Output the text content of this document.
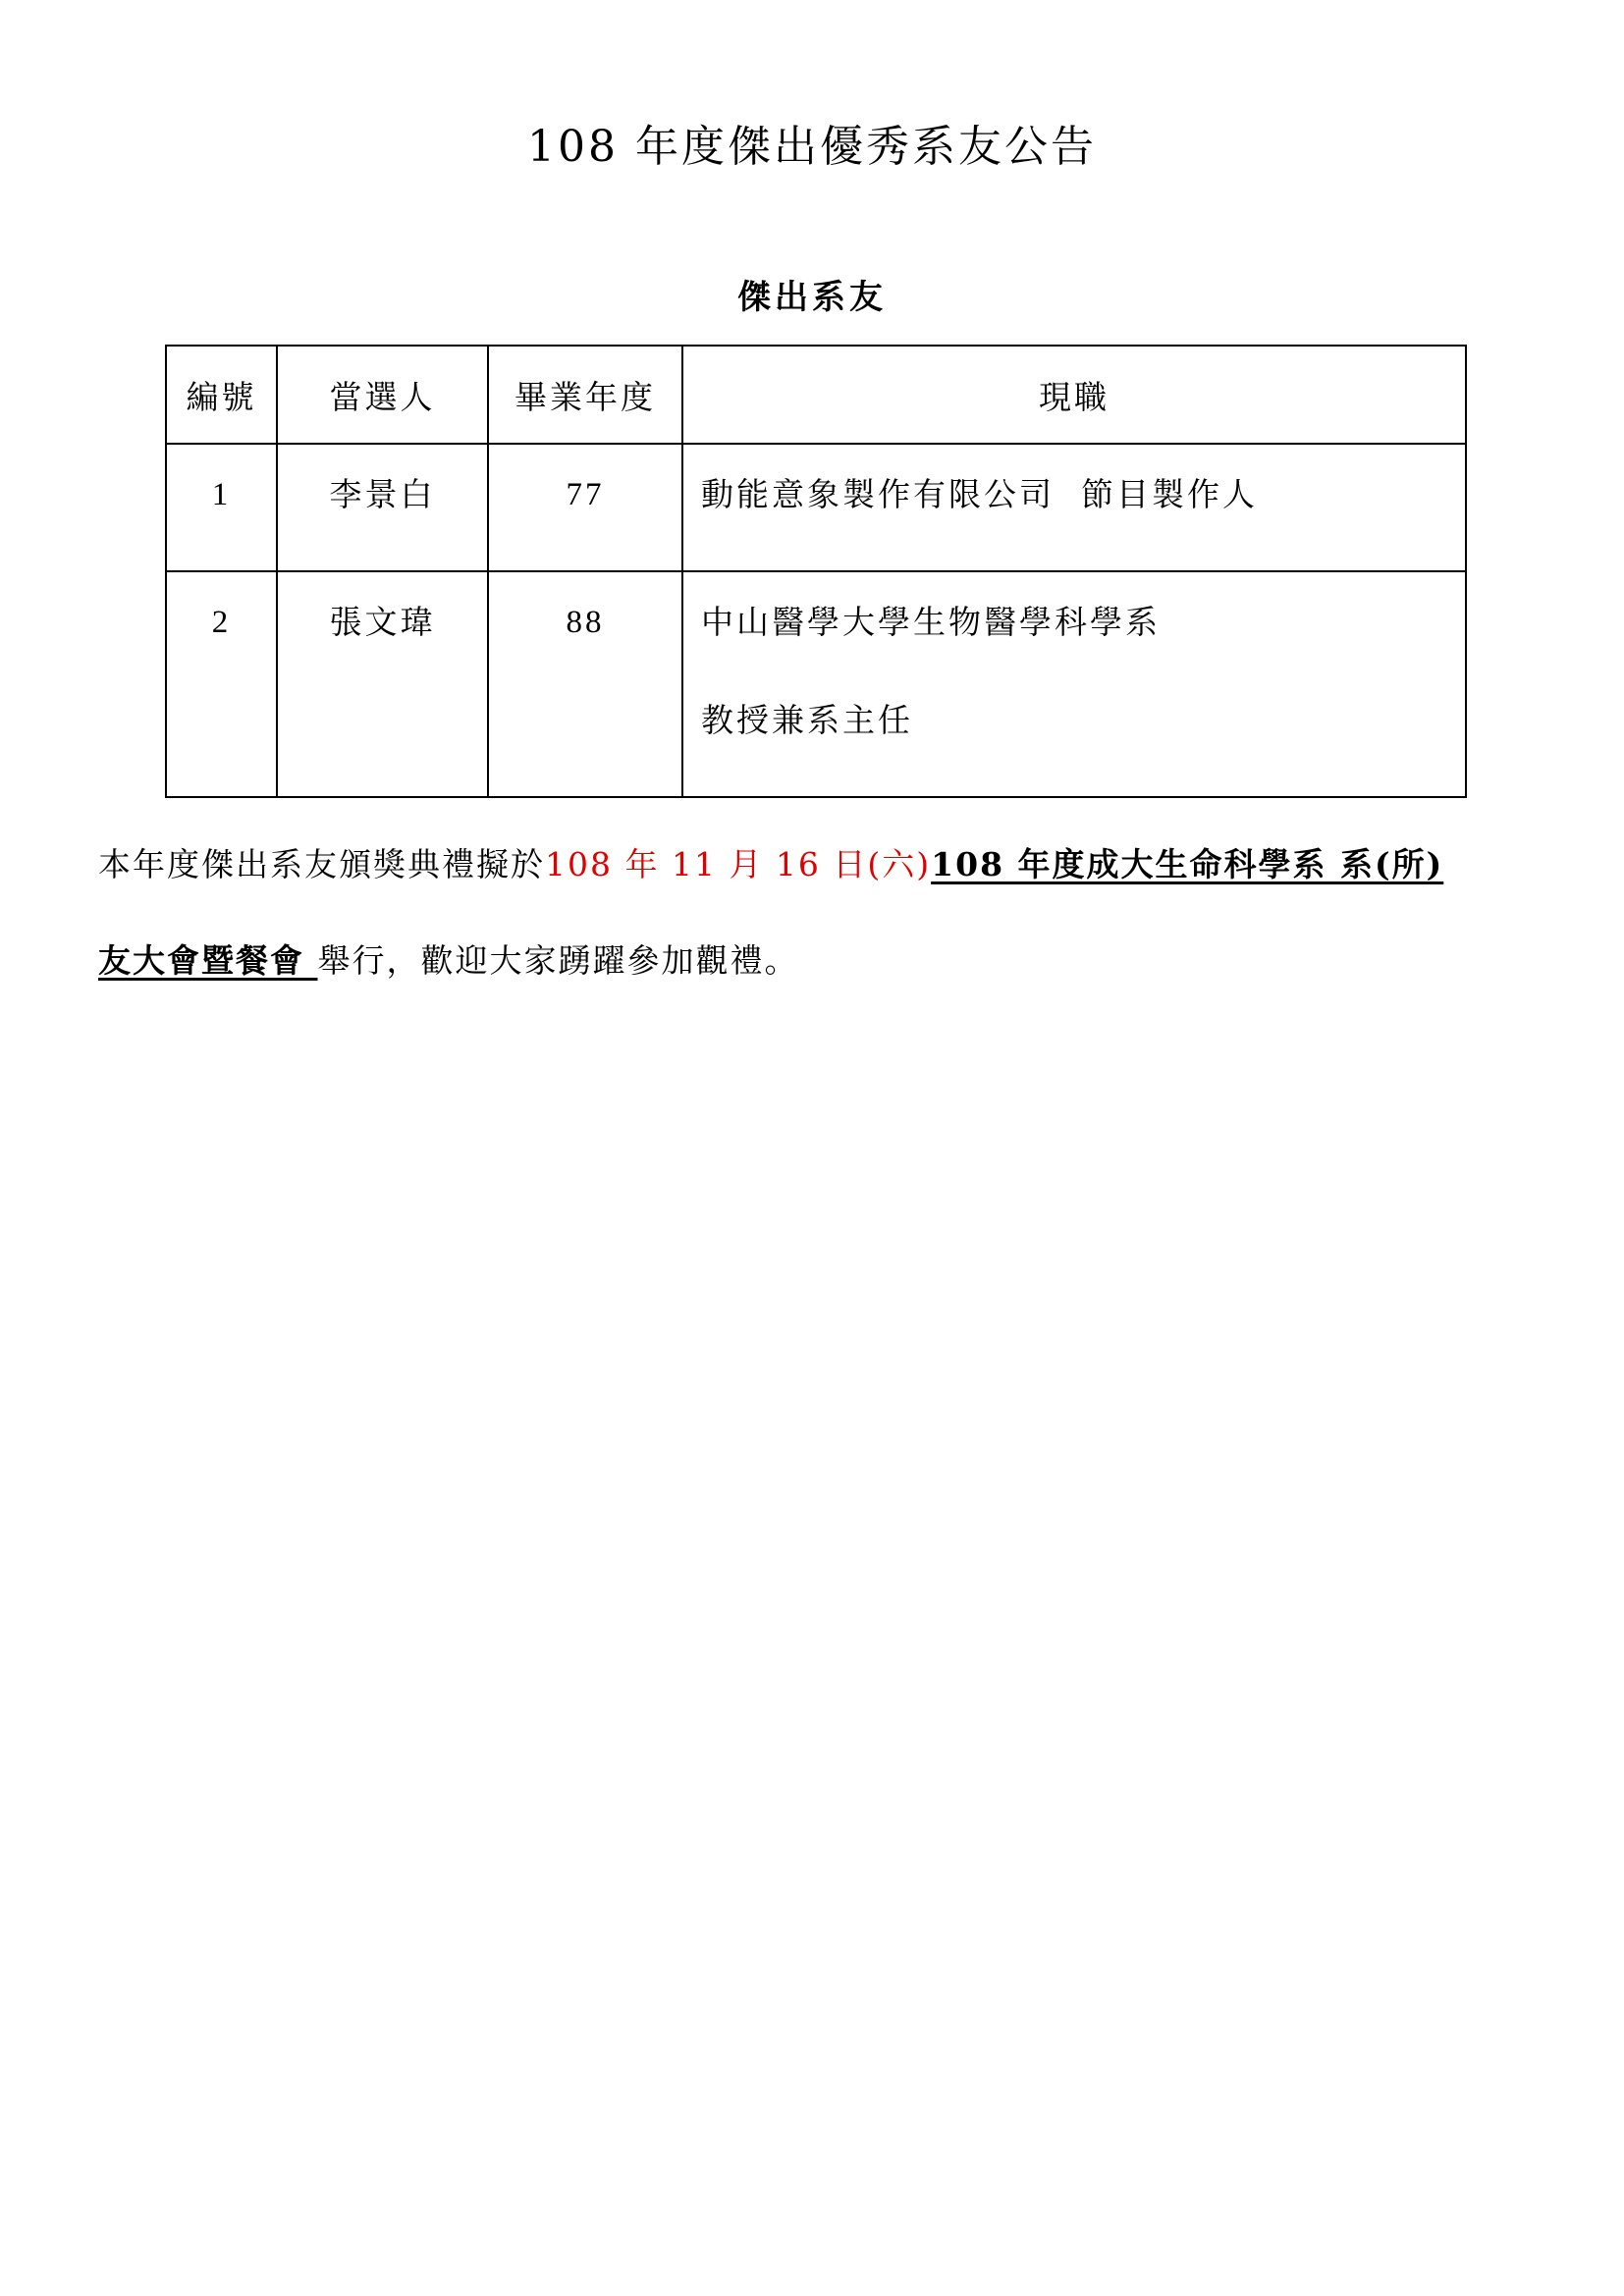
108 年度傑出優秀系友公告
傑出系友
編號	當選人	畢業年度	現職
1	李景白	77	動能意象製作有限公司  節目製作人
2	張文瑋	88	中山醫學大學生物醫學科學系
教授兼系主任
本年度傑出系友頒獎典禮擬於108 年 11 月 16 日(六)108 年度成大生命科學系 系(所)
友大會暨餐會 舉行，歡迎大家踴躍參加觀禮。
